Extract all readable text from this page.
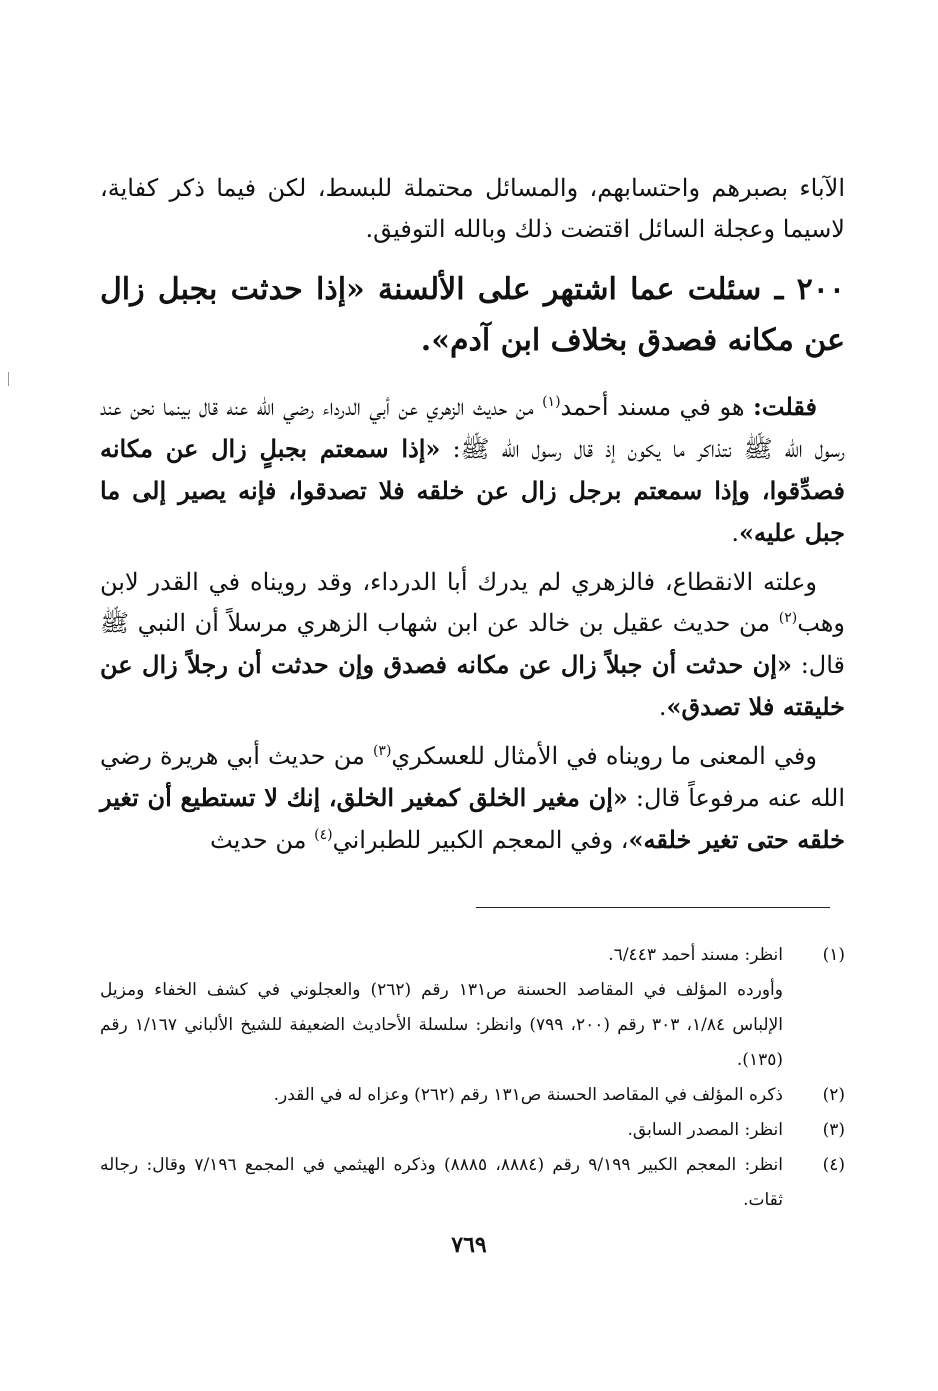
الآباء بصبرهم واحتسابهم، والمسائل محتملة للبسط، لكن فيما ذكر كفاية، لاسيما وعجلة السائل اقتضت ذلك وبالله التوفيق.

٢٠٠ ـ سئلت عما اشتهر على الألسنة «إذا حدثت بجبل زال عن مكانه فصدق بخلاف ابن آدم».

فقلت: هو في مسند أحمد$^{(١)}$ من حديث الزهري عن أبي الدرداء رضي الله عنه قال بينما نحن عند رسول الله ﷺ نتذاكر ما يكون إذ قال رسول الله ﷺ: «إذا سمعتم بجبلٍ زال عن مكانه فصدِّقوا، وإذا سمعتم برجل زال عن خلقه فلا تصدقوا، فإنه يصير إلى ما جبل عليه».

وعلته الانقطاع، فالزهري لم يدرك أبا الدرداء، وقد رويناه في القدر لابن وهب$^{(٢)}$ من حديث عقيل بن خالد عن ابن شهاب الزهري مرسلاً أن النبي ﷺ قال: «إن حدثت أن جبلاً زال عن مكانه فصدق وإن حدثت أن رجلاً زال عن خليقته فلا تصدق».

وفي المعنى ما رويناه في الأمثال للعسكري$^{(٣)}$ من حديث أبي هريرة رضي الله عنه مرفوعاً قال: «إن مغير الخلق كمغير الخلق، إنك لا تستطيع أن تغير خلقه حتى تغير خلقه»، وفي المعجم الكبير للطبراني$^{(٤)}$ من حديث

(١)
انظر: مسند أحمد ٦/٤٤٣.
وأورده المؤلف في المقاصد الحسنة ص١٣١ رقم (٢٦٢) والعجلوني في كشف الخفاء ومزيل الإلباس ١/٨٤، ٣٠٣ رقم (٢٠٠، ٧٩٩) وانظر: سلسلة الأحاديث الضعيفة للشيخ الألباني ١/١٦٧ رقم (١٣٥).
(٢)
ذكره المؤلف في المقاصد الحسنة ص١٣١ رقم (٢٦٢) وعزاه له في القدر.
(٣)
انظر: المصدر السابق.
(٤)
انظر: المعجم الكبير ٩/١٩٩ رقم (٨٨٨٤، ٨٨٨٥) وذكره الهيثمي في المجمع ٧/١٩٦ وقال: رجاله ثقات.
٧٦٩
